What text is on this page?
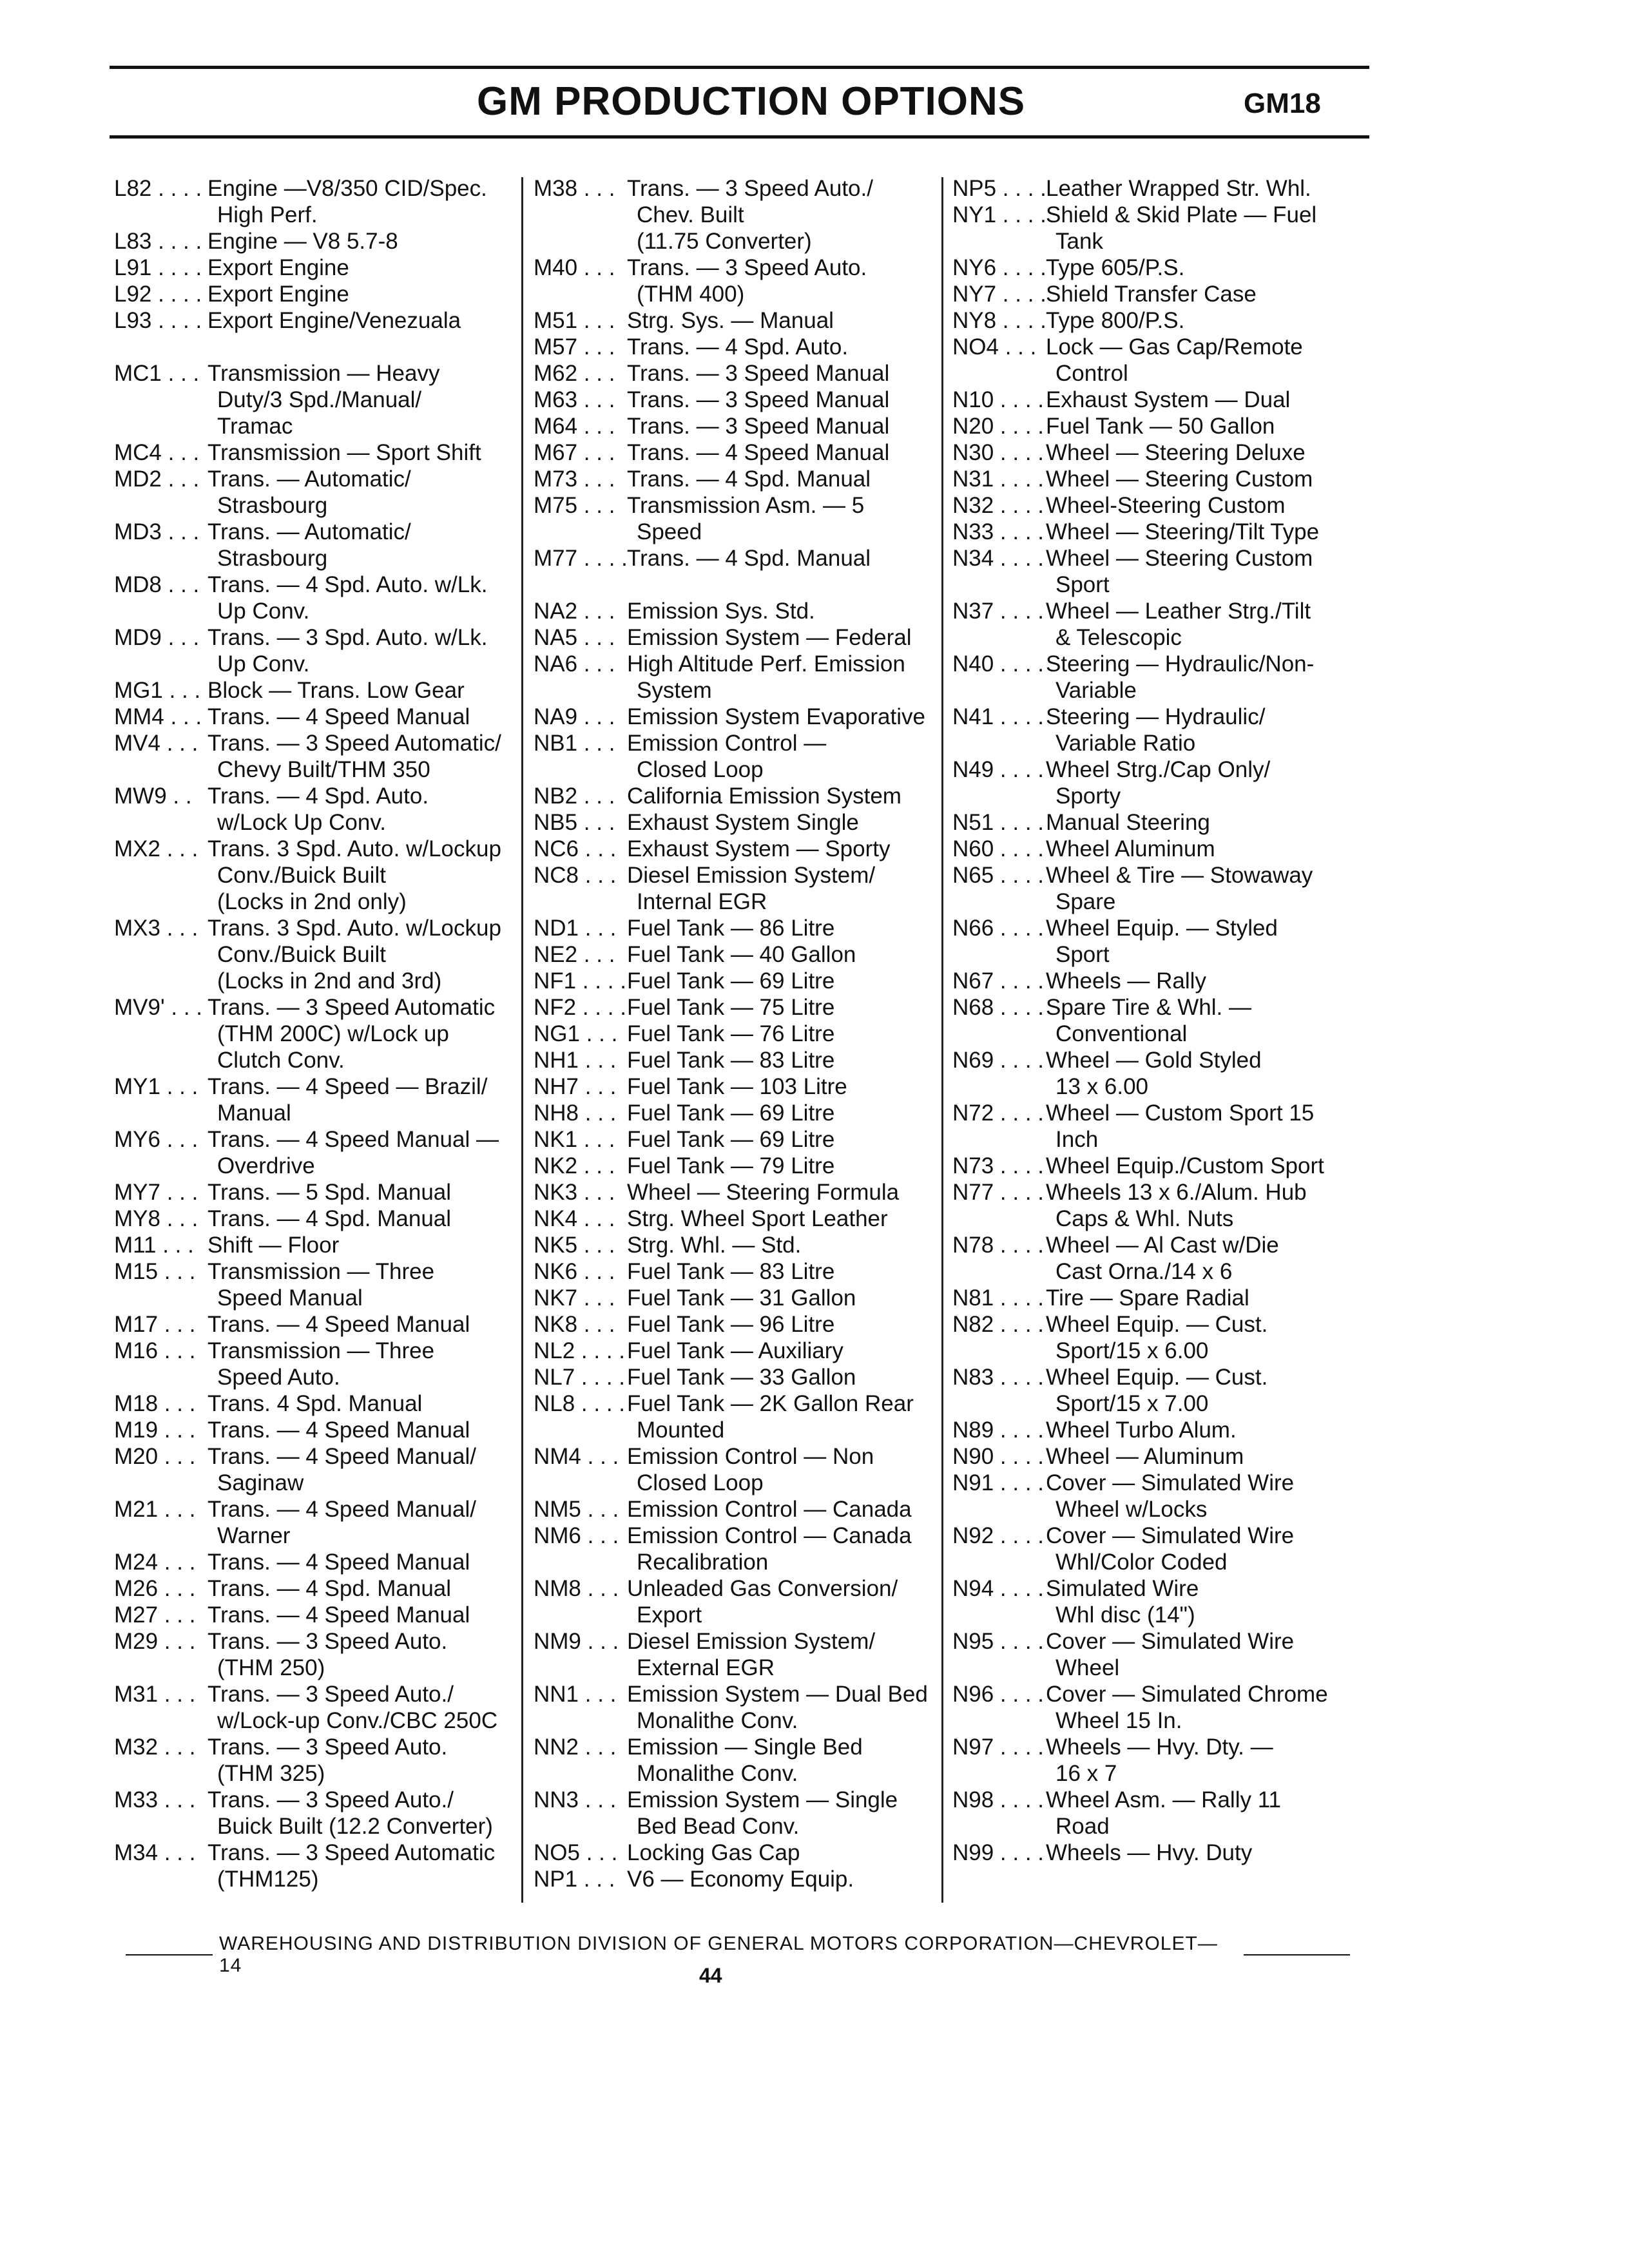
GM PRODUCTION OPTIONS	GM18
L82 . . . . Engine —V8/350 CID/Spec.
High Perf.
L83 . . . . Engine — V8 5.7-8
L91 . . . . Export Engine
L92 . . . . Export Engine
L93 . . . . Export Engine/Venezuala
MC1 . . . Transmission — Heavy
Duty/3 Spd./Manual/
Tramac
MC4 . . . Transmission — Sport Shift
MD2 . . . Trans. — Automatic/
Strasbourg
MD3 . . . Trans. — Automatic/
Strasbourg
MD8 . . . Trans. — 4 Spd. Auto. w/Lk.
Up Conv.
MD9 . . . Trans. — 3 Spd. Auto. w/Lk.
Up Conv.
MG1 . . . Block — Trans. Low Gear
MM4 . . . Trans. — 4 Speed Manual
MV4 . . . Trans. — 3 Speed Automatic/
Chevy Built/THM 350
MW9 . . Trans. — 4 Spd. Auto.
w/Lock Up Conv.
MX2 . . . Trans. 3 Spd. Auto. w/Lockup
Conv./Buick Built
(Locks in 2nd only)
MX3 . . . Trans. 3 Spd. Auto. w/Lockup
Conv./Buick Built
(Locks in 2nd and 3rd)
MV9' . . . Trans. — 3 Speed Automatic
(THM 200C) w/Lock up
Clutch Conv.
MY1 . . . Trans. — 4 Speed — Brazil/
Manual
MY6 . . . Trans. — 4 Speed Manual —
Overdrive
MY7 . . . Trans. — 5 Spd. Manual
MY8 . . . Trans. — 4 Spd. Manual
M11 . . . Shift — Floor
M15 . . . Transmission — Three
Speed Manual
M17 . . . Trans. — 4 Speed Manual
M16 . . . Transmission — Three
Speed Auto.
M18 . . . Trans. 4 Spd. Manual
M19 . . . Trans. — 4 Speed Manual
M20 . . . Trans. — 4 Speed Manual/
Saginaw
M21 . . . Trans. — 4 Speed Manual/
Warner
M24 . . . Trans. — 4 Speed Manual
M26 . . . Trans. — 4 Spd. Manual
M27 . . . Trans. — 4 Speed Manual
M29 . . . Trans. — 3 Speed Auto.
(THM 250)
M31 . . . Trans. — 3 Speed Auto./
w/Lock-up Conv./CBC 250C
M32 . . . Trans. — 3 Speed Auto.
(THM 325)
M33 . . . Trans. — 3 Speed Auto./
Buick Built (12.2 Converter)
M34 . . . Trans. — 3 Speed Automatic
(THM125)
M38 . . . Trans. — 3 Speed Auto./
Chev. Built
(11.75 Converter)
M40 . . . Trans. — 3 Speed Auto.
(THM 400)
M51 . . . Strg. Sys. — Manual
M57 . . . Trans. — 4 Spd. Auto.
M62 . . . Trans. — 3 Speed Manual
M63 . . . Trans. — 3 Speed Manual
M64 . . . Trans. — 3 Speed Manual
M67 . . . Trans. — 4 Speed Manual
M73 . . . Trans. — 4 Spd. Manual
M75 . . . Transmission Asm. — 5
Speed
M77 . . . . Trans. — 4 Spd. Manual
NA2 . . . Emission Sys. Std.
NA5 . . . Emission System — Federal
NA6 . . . High Altitude Perf. Emission
System
NA9 . . . Emission System Evaporative
NB1 . . . Emission Control —
Closed Loop
NB2 . . . California Emission System
NB5 . . . Exhaust System Single
NC6 . . . Exhaust System — Sporty
NC8 . . . Diesel Emission System/
Internal EGR
ND1 . . . Fuel Tank — 86 Litre
NE2 . . . Fuel Tank — 40 Gallon
NF1 . . . . Fuel Tank — 69 Litre
NF2 . . . . Fuel Tank — 75 Litre
NG1 . . . Fuel Tank — 76 Litre
NH1 . . . Fuel Tank — 83 Litre
NH7 . . . Fuel Tank — 103 Litre
NH8 . . . Fuel Tank — 69 Litre
NK1 . . . Fuel Tank — 69 Litre
NK2 . . . Fuel Tank — 79 Litre
NK3 . . . Wheel — Steering Formula
NK4 . . . Strg. Wheel Sport Leather
NK5 . . . Strg. Whl. — Std.
NK6 . . . Fuel Tank — 83 Litre
NK7 . . . Fuel Tank — 31 Gallon
NK8 . . . Fuel Tank — 96 Litre
NL2 . . . . Fuel Tank — Auxiliary
NL7 . . . . Fuel Tank — 33 Gallon
NL8 . . . . Fuel Tank — 2K Gallon Rear
Mounted
NM4 . . . Emission Control — Non
Closed Loop
NM5 . . . Emission Control — Canada
NM6 . . . Emission Control — Canada
Recalibration
NM8 . . . Unleaded Gas Conversion/
Export
NM9 . . . Diesel Emission System/
External EGR
NN1 . . . Emission System — Dual Bed
Monalithe Conv.
NN2 . . . Emission — Single Bed
Monalithe Conv.
NN3 . . . Emission System — Single
Bed Bead Conv.
NO5 . . . Locking Gas Cap
NP1 . . . V6 — Economy Equip.
NP5 . . . . Leather Wrapped Str. Whl.
NY1 . . . . Shield & Skid Plate — Fuel
Tank
NY6 . . . . Type 605/P.S.
NY7 . . . . Shield Transfer Case
NY8 . . . . Type 800/P.S.
NO4 . . . Lock — Gas Cap/Remote
Control
N10 . . . . Exhaust System — Dual
N20 . . . . Fuel Tank — 50 Gallon
N30 . . . . Wheel — Steering Deluxe
N31 . . . . Wheel — Steering Custom
N32 . . . . Wheel-Steering Custom
N33 . . . . Wheel — Steering/Tilt Type
N34 . . . . Wheel — Steering Custom
Sport
N37 . . . . Wheel — Leather Strg./Tilt
& Telescopic
N40 . . . . Steering — Hydraulic/Non-
Variable
N41 . . . . Steering — Hydraulic/
Variable Ratio
N49 . . . . Wheel Strg./Cap Only/
Sporty
N51 . . . . Manual Steering
N60 . . . . Wheel Aluminum
N65 . . . . Wheel & Tire — Stowaway
Spare
N66 . . . . Wheel Equip. — Styled
Sport
N67 . . . . Wheels — Rally
N68 . . . . Spare Tire & Whl. —
Conventional
N69 . . . . Wheel — Gold Styled
13 x 6.00
N72 . . . . Wheel — Custom Sport 15
Inch
N73 . . . . Wheel Equip./Custom Sport
N77 . . . . Wheels 13 x 6./Alum. Hub
Caps & Whl. Nuts
N78 . . . . Wheel — Al Cast w/Die
Cast Orna./14 x 6
N81 . . . . Tire — Spare Radial
N82 . . . . Wheel Equip. — Cust.
Sport/15 x 6.00
N83 . . . . Wheel Equip. — Cust.
Sport/15 x 7.00
N89 . . . . Wheel Turbo Alum.
N90 . . . . Wheel — Aluminum
N91 . . . . Cover — Simulated Wire
Wheel w/Locks
N92 . . . . Cover — Simulated Wire
Whl/Color Coded
N94 . . . . Simulated Wire
Whl disc (14")
N95 . . . . Cover — Simulated Wire
Wheel
N96 . . . . Cover — Simulated Chrome
Wheel 15 In.
N97 . . . . Wheels — Hvy. Dty. —
16 x 7
N98 . . . . Wheel Asm. — Rally 11
Road
N99 . . . . Wheels — Hvy. Duty
WAREHOUSING AND DISTRIBUTION DIVISION OF GENERAL MOTORS CORPORATION—CHEVROLET—14	44
